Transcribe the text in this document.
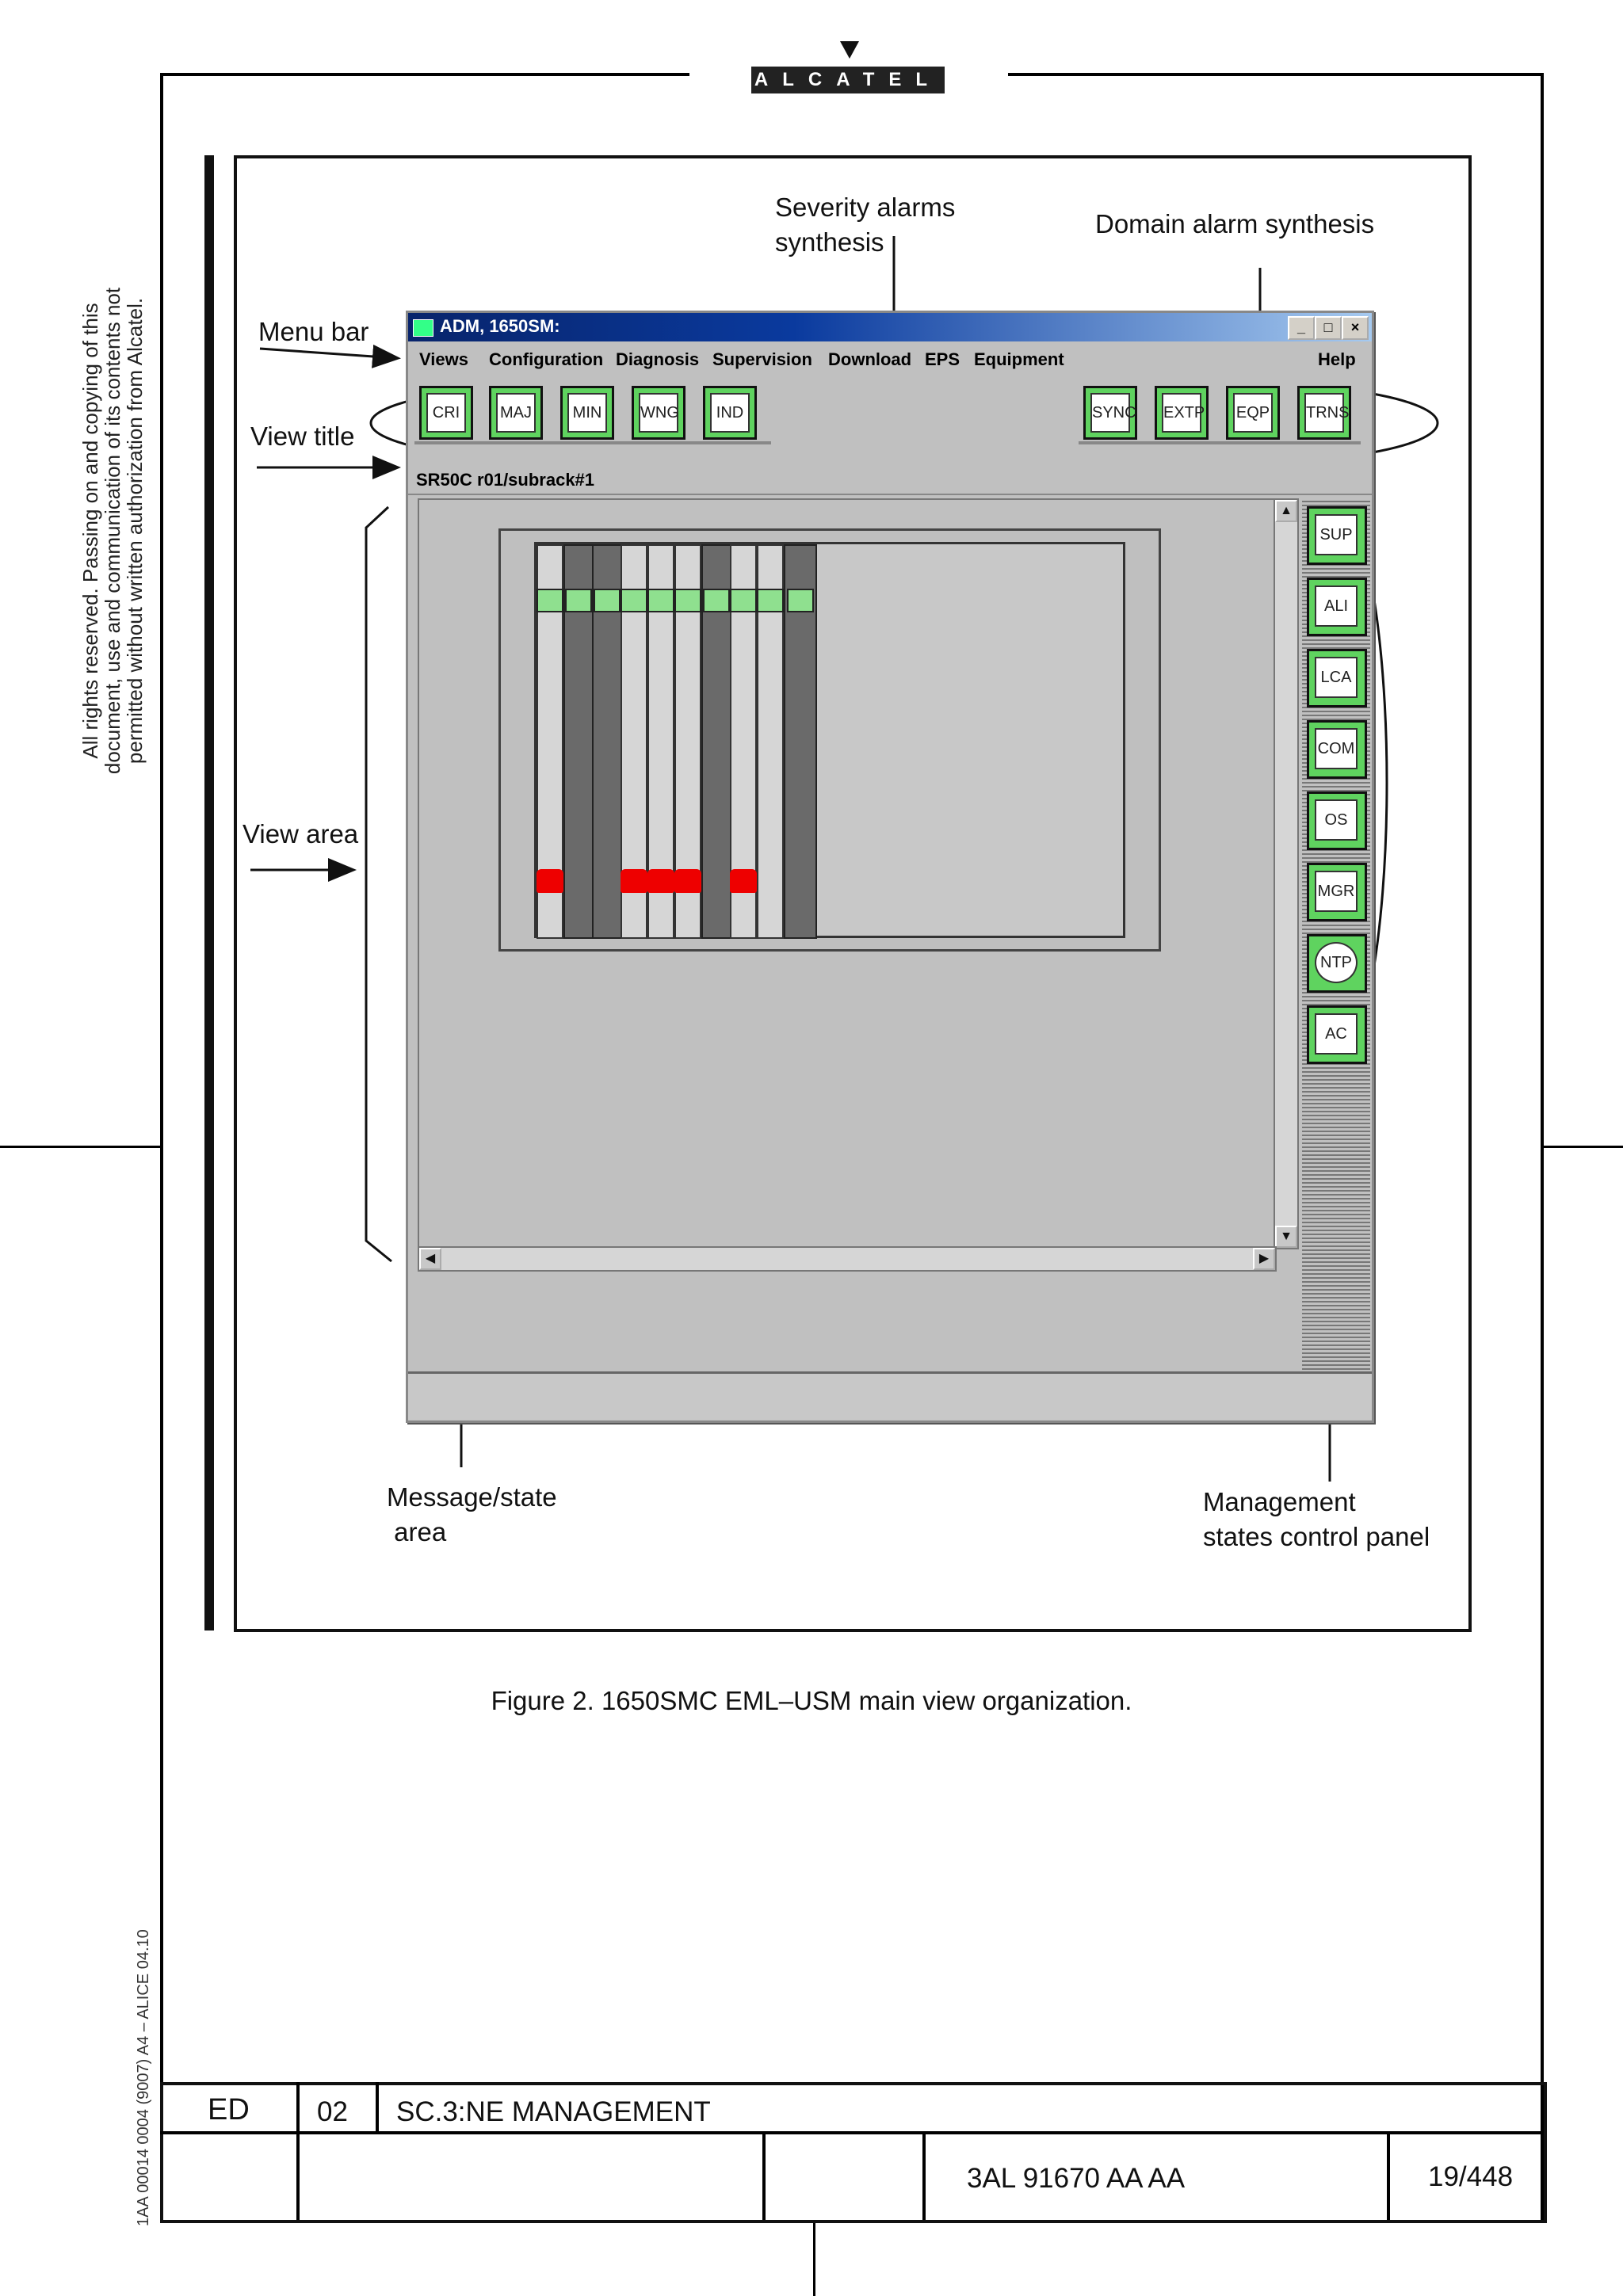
ALCATEL
All rights reserved. Passing on and copying of this document, use and communication of its contents not permitted without written authorization from Alcatel.
1AA 00014 0004 (9007) A4 – ALICE 04.10
Severity alarms
synthesis
Domain alarm synthesis
Menu bar
View title
View area
Message/state
area
Management
states control panel
ADM, 1650SM:	_	□	×
Views Configuration Diagnosis Supervision Download EPS Equipment	Help
CRI	MAJ	MIN	WNG	IND	SYNC EXTP EQP TRNS
SR50C r01/subrack#1
▲
▼
◀	▶
SUP
ALI
LCA
COM
OS
MGR
NTP
AC
Figure 2. 1650SMC EML–USM main view organization.
ED 02 SC.3:NE MANAGEMENT
3AL 91670 AA AA	19/448
